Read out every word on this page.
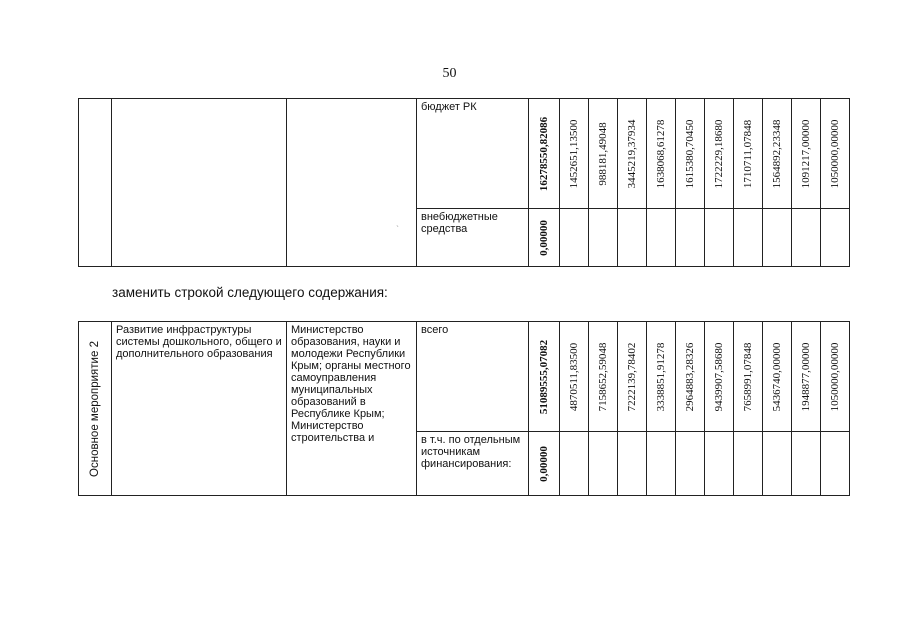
50

			бюджет РК	16278550,82086	1452651,13500	988181,49048	3445219,37934	1638068,61278	1615380,70450	1722229,18680	1710711,07848	1564892,23348	1091217,00000	1050000,00000

			внебюджетные средства	0,00000										

заменить строкой следующего содержания:
Основное мероприятие 2	Развитие инфраструктуры системы дошкольного, общего и дополнительного образования	Министерство образования, науки и молодежи Республики Крым; органы местного самоуправления муниципальных образований в Республике Крым; Министерство строительства и	всего	51089555,07082	4870511,83500	7158652,59048	7222139,78402	3338851,91278	2964883,28326	9439907,58680	7658991,07848	5436740,00000	1948877,00000	1050000,00000

			в т.ч. по отдельным источникам финансирования:	0,00000										

`
